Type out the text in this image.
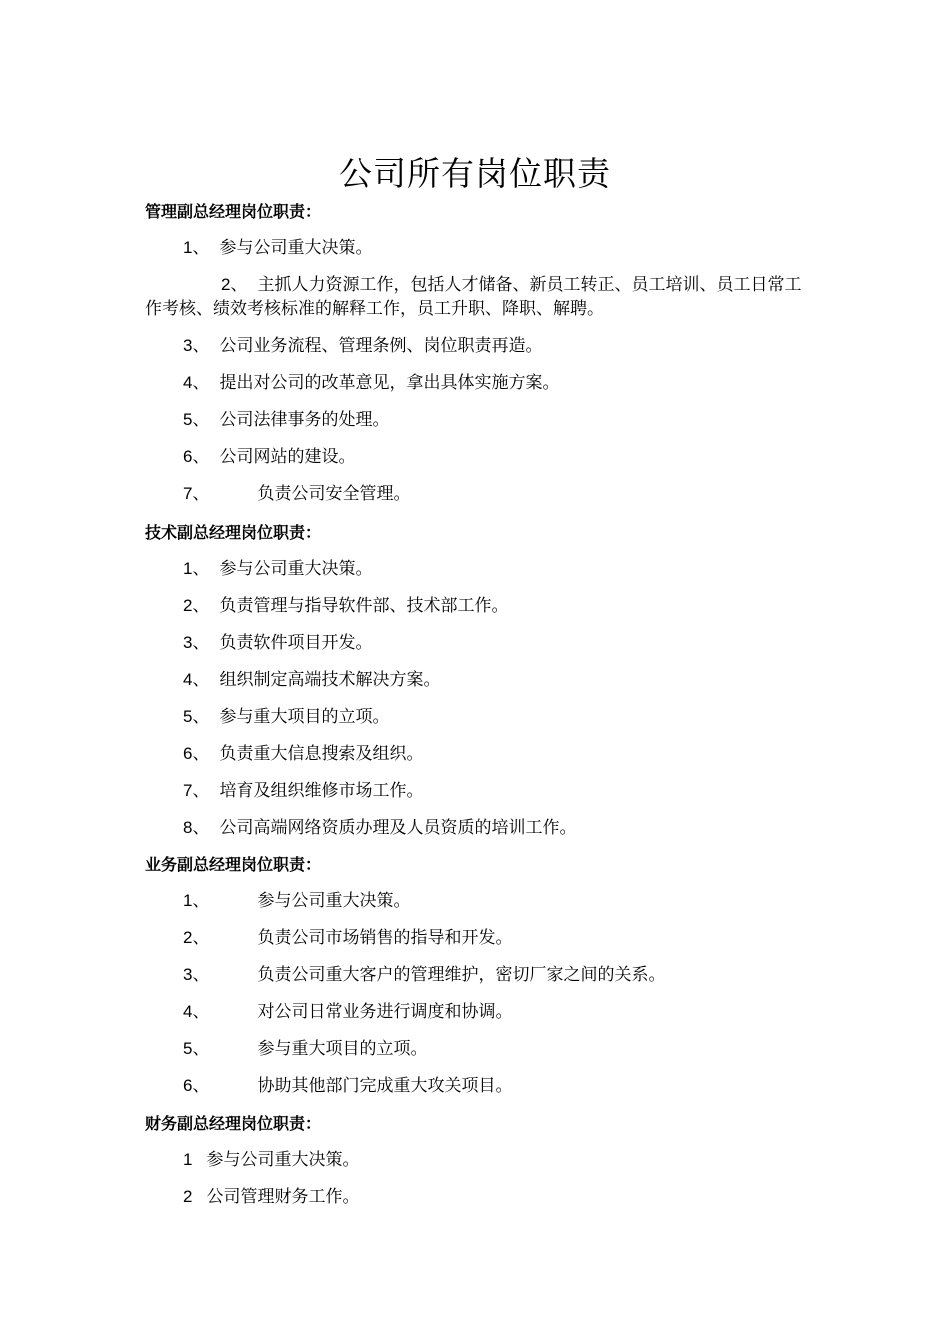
公司所有岗位职责

管理副总经理岗位职责：

1、 参与公司重大决策。
2、 主抓人力资源工作，包括人才储备、新员工转正、员工培训、员工日常工作考核、绩效考核标准的解释工作，员工升职、降职、解聘。
3、 公司业务流程、管理条例、岗位职责再造。
4、 提出对公司的改革意见，拿出具体实施方案。
5、 公司法律事务的处理。
6、 公司网站的建设。
7、	负责公司安全管理。

技术副总经理岗位职责：

1、 参与公司重大决策。
2、 负责管理与指导软件部、技术部工作。
3、 负责软件项目开发。
4、 组织制定高端技术解决方案。
5、 参与重大项目的立项。
6、 负责重大信息搜索及组织。
7、 培育及组织维修市场工作。
8、 公司高端网络资质办理及人员资质的培训工作。

业务副总经理岗位职责：

1、	参与公司重大决策。
2、	负责公司市场销售的指导和开发。
3、	负责公司重大客户的管理维护，密切厂家之间的关系。
4、	对公司日常业务进行调度和协调。
5、	参与重大项目的立项。
6、	协助其他部门完成重大攻关项目。

财务副总经理岗位职责：

1 参与公司重大决策。
2 公司管理财务工作。
